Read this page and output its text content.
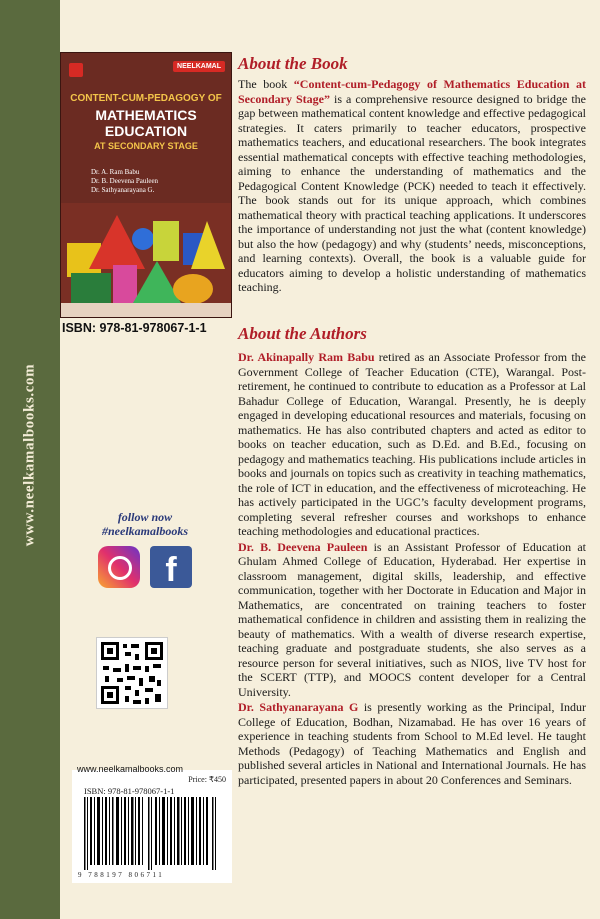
www.neelkamalbooks.com
NEELKAMAL
CONTENT-CUM-PEDAGOGY OF
MATHEMATICS
EDUCATION
AT SECONDARY STAGE
Dr. A. Ram Babu
Dr. B. Deevena Pauleen
Dr. Sathyanarayana G.
ISBN: 978-81-978067-1-1
follow now
#neelkamalbooks
f
www.neelkamalbooks.com
Price: ₹450
ISBN: 978-81-978067-1-1
9 788197 806711
About the Book

The book “Content-cum-Pedagogy of Mathematics Education at Secondary Stage” is a comprehensive resource designed to bridge the gap between mathematical content knowledge and effective pedagogical strategies. It caters primarily to teacher educators, prospective mathematics teachers, and educational researchers. The book integrates essential mathematical concepts with effective teaching methodologies, aiming to enhance the understanding of mathematics and the Pedagogical Content Knowledge (PCK) needed to teach it effectively. The book stands out for its unique approach, which combines mathematical theory with practical teaching applications. It underscores the importance of understanding not just the what (content knowledge) but also the how (pedagogy) and why (students’ needs, misconceptions, and learning contexts). Overall, the book is a valuable guide for educators aiming to develop a holistic understanding of mathematics teaching.

About the Authors

Dr. Akinapally Ram Babu retired as an Associate Professor from the Government College of Teacher Education (CTE), Warangal. Post-retirement, he continued to contribute to education as a Professor at Lal Bahadur College of Education, Warangal. Presently, he is deeply engaged in developing educational resources and materials, focusing on mathematics. He has also contributed chapters and acted as editor to books on teacher education, such as D.Ed. and B.Ed., focusing on pedagogy and mathematics teaching. His publications include articles in books and journals on topics such as creativity in teaching mathematics, the role of ICT in education, and the effectiveness of microteaching. He has actively participated in the UGC’s faculty development programs, completing several refresher courses and workshops to enhance teaching methodologies and educational practices.

Dr. B. Deevena Pauleen is an Assistant Professor of Education at Ghulam Ahmed College of Education, Hyderabad. Her expertise in classroom management, digital skills, leadership, and effective communication, together with her Doctorate in Education and Major in Mathematics, are concentrated on training teachers to foster mathematical confidence in children and assisting them in realizing the beauty of mathematics. With a wealth of diverse research expertise, teaching graduate and postgraduate students, she also serves as a resource person for several initiatives, such as NIOS, live TV host for the SCERT (TTP), and MOOCS content developer for a Central University.

Dr. Sathyanarayana G is presently working as the Principal, Indur College of Education, Bodhan, Nizamabad. He has over 16 years of experience in teaching students from School to M.Ed level. He taught Methods (Pedagogy) of Teaching Mathematics and English and published several articles in National and International Journals. He has participated, presented papers in about 20 Conferences and Seminars.
